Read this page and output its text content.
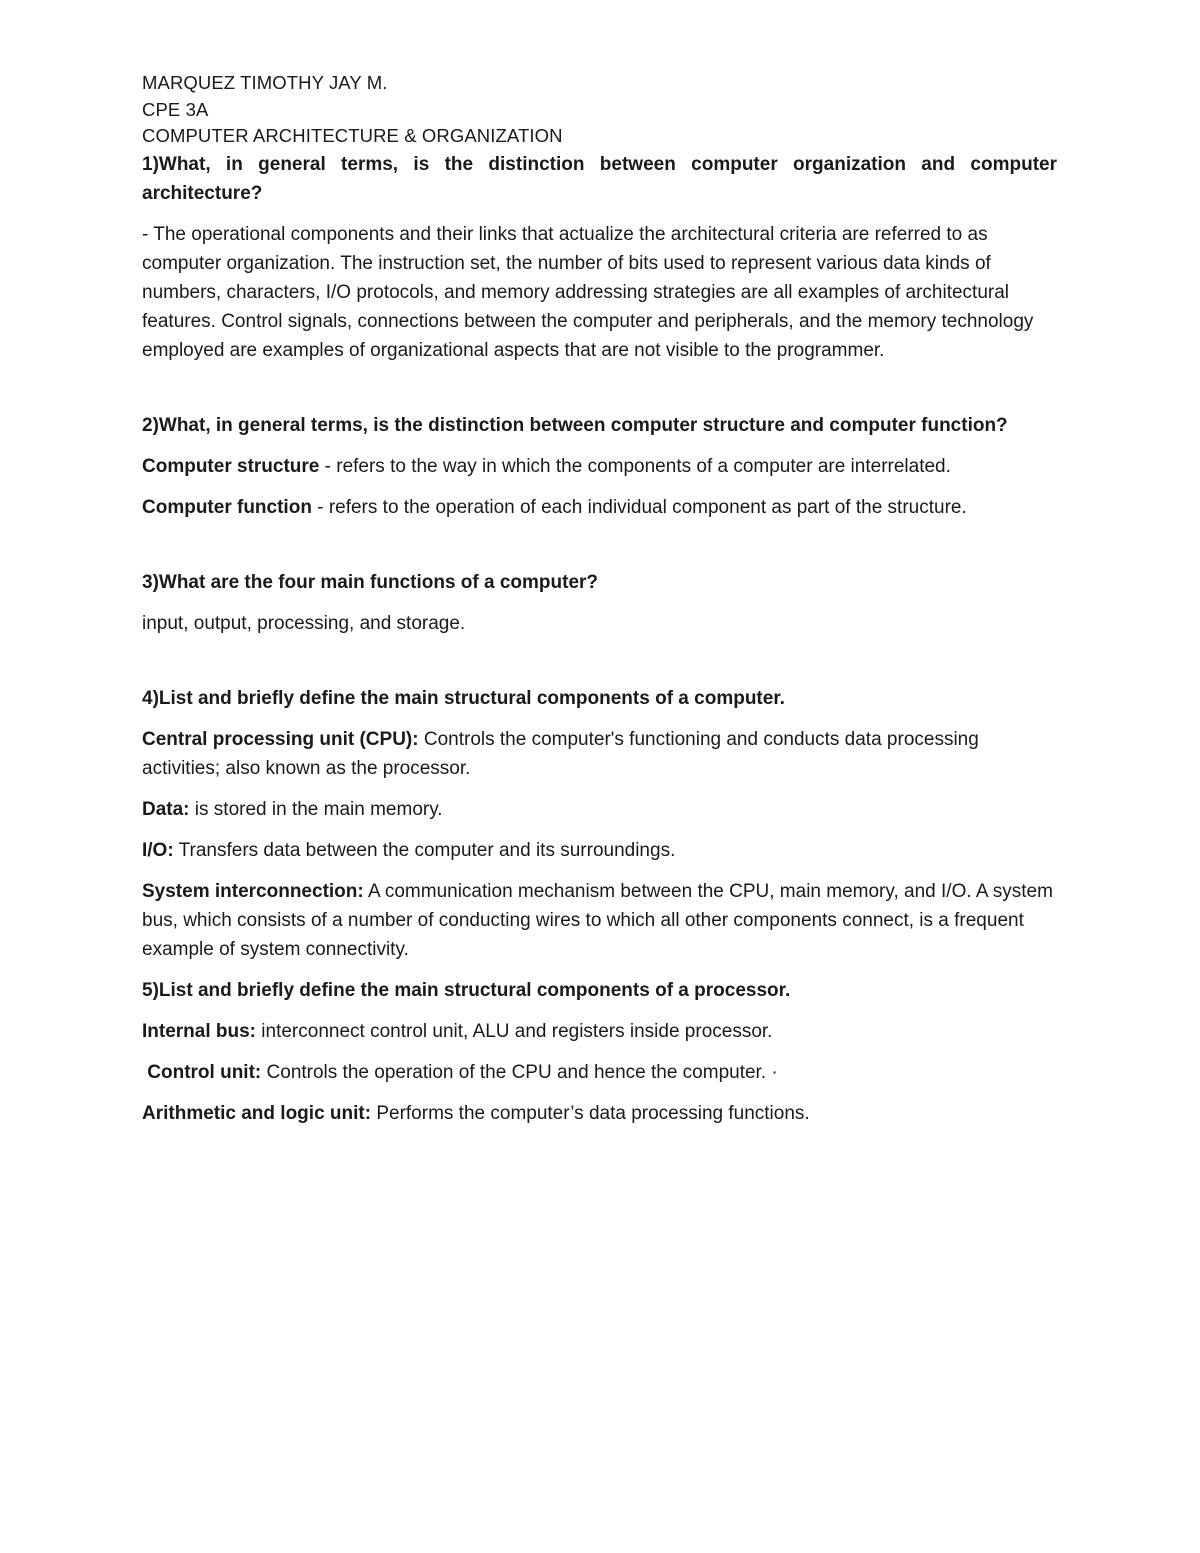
MARQUEZ TIMOTHY JAY M.

CPE 3A

COMPUTER ARCHITECTURE & ORGANIZATION

1)What, in general terms, is the distinction between computer organization and computer

architecture?

- The operational components and their links that actualize the architectural criteria are referred to as computer organization. The instruction set, the number of bits used to represent various data kinds of numbers, characters, I/O protocols, and memory addressing strategies are all examples of architectural features. Control signals, connections between the computer and peripherals, and the memory technology employed are examples of organizational aspects that are not visible to the programmer.

2)What, in general terms, is the distinction between computer structure and computer function?

Computer structure - refers to the way in which the components of a computer are interrelated.

Computer function - refers to the operation of each individual component as part of the structure.

3)What are the four main functions of a computer?

input, output, processing, and storage.

4)List and briefly define the main structural components of a computer.

Central processing unit (CPU): Controls the computer's functioning and conducts data processing activities; also known as the processor.

Data: is stored in the main memory.

I/O: Transfers data between the computer and its surroundings.

System interconnection: A communication mechanism between the CPU, main memory, and I/O. A system bus, which consists of a number of conducting wires to which all other components connect, is a frequent example of system connectivity.

5)List and briefly define the main structural components of a processor.

Internal bus: interconnect control unit, ALU and registers inside processor.

Control unit: Controls the operation of the CPU and hence the computer. ·

Arithmetic and logic unit: Performs the computer’s data processing functions.
